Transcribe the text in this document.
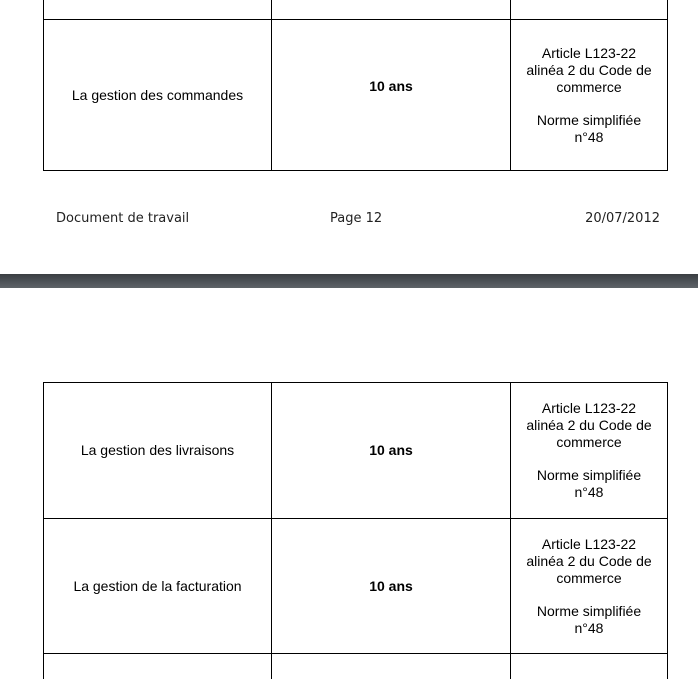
La gestion des commandes	10 ans	Article L123-22
alinéa 2 du Code de
commerce
Norme simplifiée
n°48
Document de travail	Page 12	20/07/2012
La gestion des livraisons	10 ans	Article L123-22
alinéa 2 du Code de
commerce
Norme simplifiée
n°48

La gestion de la facturation	10 ans	Article L123-22
alinéa 2 du Code de
commerce
Norme simplifiée
n°48
